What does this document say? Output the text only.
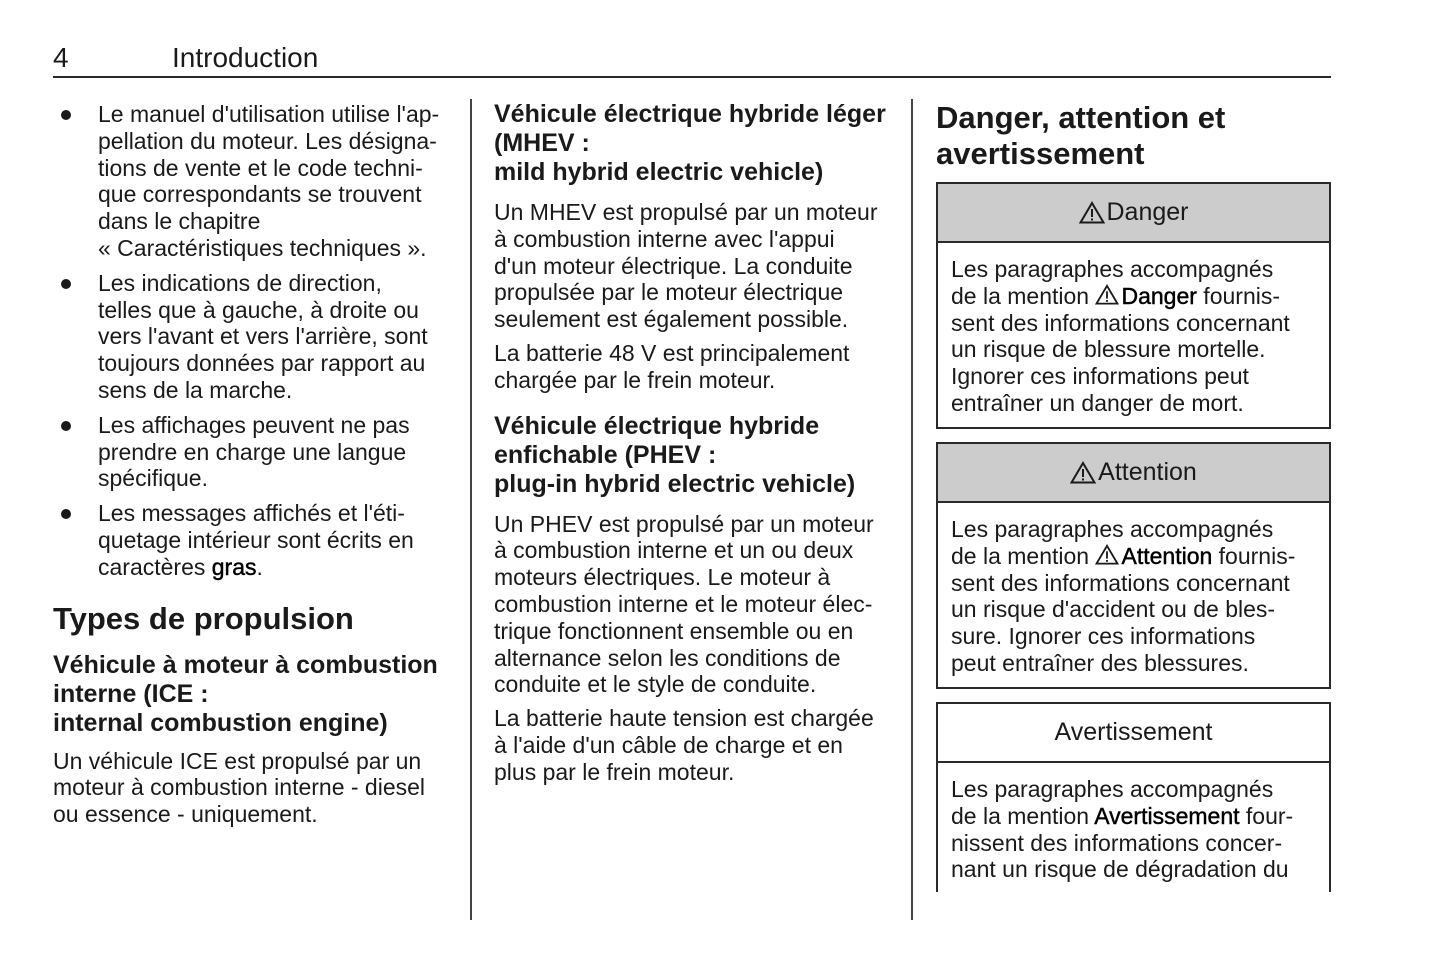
4	Introduction
Le manuel d'utilisation utilise l'ap-
pellation du moteur. Les désigna-
tions de vente et le code techni-
que correspondants se trouvent
dans le chapitre
« Caractéristiques techniques ».
Les indications de direction,
telles que à gauche, à droite ou
vers l'avant et vers l'arrière, sont
toujours données par rapport au
sens de la marche.
Les affichages peuvent ne pas
prendre en charge une langue
spécifique.
Les messages affichés et l'éti-
quetage intérieur sont écrits en
caractères gras.
Types de propulsion
Véhicule à moteur à combustion
interne (ICE :
internal combustion engine)

Un véhicule ICE est propulsé par un
moteur à combustion interne - diesel
ou essence - uniquement.

Véhicule électrique hybride léger
(MHEV :
mild hybrid electric vehicle)

Un MHEV est propulsé par un moteur
à combustion interne avec l'appui
d'un moteur électrique. La conduite
propulsée par le moteur électrique
seulement est également possible.

La batterie 48 V est principalement
chargée par le frein moteur.

Véhicule électrique hybride
enfichable (PHEV :
plug-in hybrid electric vehicle)

Un PHEV est propulsé par un moteur
à combustion interne et un ou deux
moteurs électriques. Le moteur à
combustion interne et le moteur élec-
trique fonctionnent ensemble ou en
alternance selon les conditions de
conduite et le style de conduite.

La batterie haute tension est chargée
à l'aide d'un câble de charge et en
plus par le frein moteur.

Danger, attention et
avertissement
Danger
Les paragraphes accompagnés
de la mention
Danger fournis-
sent des informations concernant
un risque de blessure mortelle.
Ignorer ces informations peut
entraîner un danger de mort.
Attention
Les paragraphes accompagnés
de la mention
Attention fournis-
sent des informations concernant
un risque d'accident ou de bles-
sure. Ignorer ces informations
peut entraîner des blessures.
Avertissement
Les paragraphes accompagnés
de la mention Avertissement four-
nissent des informations concer-
nant un risque de dégradation du
